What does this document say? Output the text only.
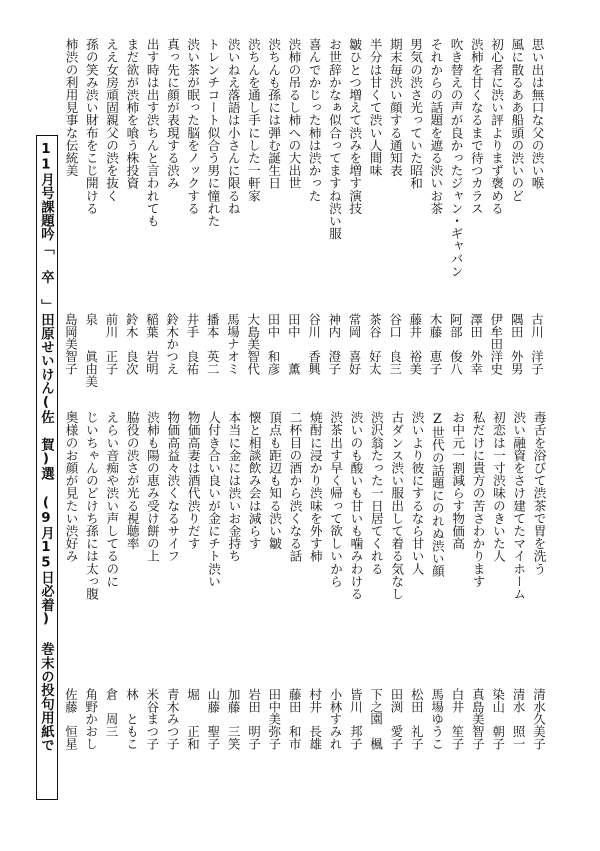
11月号課題吟「 卒 」田原せいけん(佐　賀)選 (9月15日必着) 巻末の投句用紙で
思い出は無口な父の渋い喉
古川　洋子
風に散るああ船頭の渋いのど
隅田　外男
初心者に渋い評よりまず褒める
伊牟田洋史
渋柿を甘くなるまで待つカラス
澤田　外幸
吹き替えの声が良かったジャン・ギャバン
阿部　俊八
それからの話題を遮る渋いお茶
木藤　恵子
男気の渋さ光っていた昭和
藤井　裕美
期末毎渋い顔する通知表
谷口　良三
半分は甘くて渋い人間味
茶谷　好太
皺ひとつ増えて渋みを増す演技
常岡　喜好
お世辞かなぁ似合ってますね渋い服
神内　澄子
喜んでかじった柿は渋かった
谷川　香興
渋柿の吊るし柿への大出世
田中　　薫
渋ちんも孫には弾む誕生日
田中　和彦
渋ちんを通し手にした一軒家
大島美智代
渋いねえ落語は小さんに限るね
馬場ナオミ
トレンチコート似合う男に憧れた
播本　英二
渋い茶が眠った脳をノックする
井手　良祐
真っ先に顔が表現する渋み
鈴木かつえ
出す時は出す渋ちんと言われても
稲葉　岩明
まだ欲が渋柿を喰う株投資
鈴木　良次
ええ女房頑固親父の渋を抜く
前川　正子
孫の笑み渋い財布をこじ開ける
泉　　眞由美
柿渋の利用見事な伝統美
島岡美智子
毒舌を浴びて渋茶で胃を洗う
清水久美子
渋い融資をさけ建てたマイホーム
清水　照一
初恋は一寸渋味のきいた人
染山　朝子
私だけに貴方の苦さわかります
真島美智子
お中元一割減らす物価高
白井　笙子
Z世代の話題にのれぬ渋い顔
馬場ゆうこ
渋いより彼にするなら甘い人
松田　礼子
古ダンス渋い服出して着る気なし
田渕　愛子
渋沢翁たった一日居てくれる
下之園　楓
渋いのも酸いも甘いも噛みわける
皆川　邦子
渋茶出す早く帰って欲しいから
小林すみれ
焼酎に浸かり渋味を外す柿
村井　長雄
二杯目の酒から渋くなる話
藤田　和市
頂点も距辺も知る渋い皺
田中美弥子
懐と相談飲み会は減らす
岩田　明子
本当に金には渋いお金持ち
加藤　三笑
人付き合い良いが金にチト渋い
山藤　聖子
物価高妻は酒代渋りだす
堀　　正和
物価高益々渋くなるサイフ
青木みつ子
渋柿も陽の恵み受け餅の上
米谷まつ子
脇役の渋さが光る視聴率
林　ともこ
えらい音痴や渋い声してるのに
倉　周三
じいちゃんのどけち孫には太っ腹
角野かおし
奥様のお顔が見たい渋好み
佐藤　恒星
